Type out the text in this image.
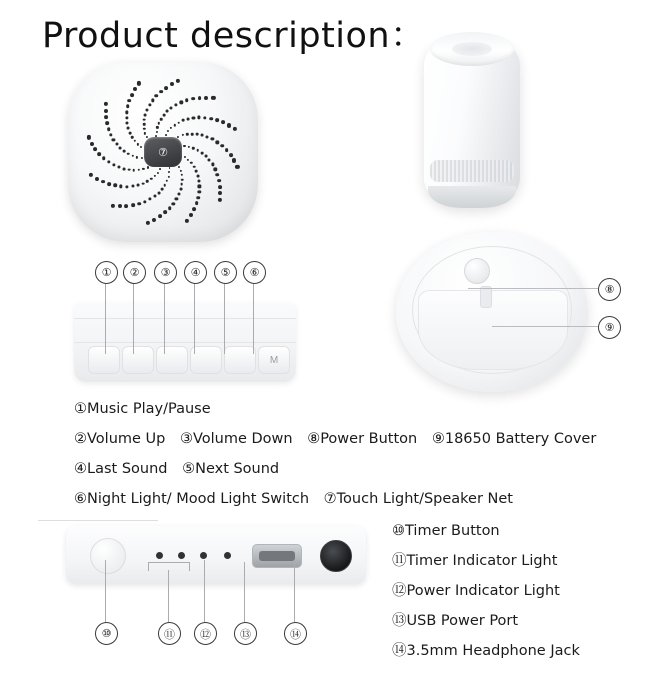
Product description：
⑦
⑧
⑨
M
①	②	③	④	⑤	⑥
①Music Play/Pause
②Volume Up ③Volume Down ⑧Power Button ⑨18650 Battery Cover
④Last Sound ⑤Next Sound
⑥Night Light/ Mood Light Switch ⑦Touch Light/Speaker Net
⑩	⑪	⑫	⑬	⑭
⑩Timer Button
⑪Timer Indicator Light
⑫Power Indicator Light
⑬USB Power Port
⑭3.5mm Headphone Jack
